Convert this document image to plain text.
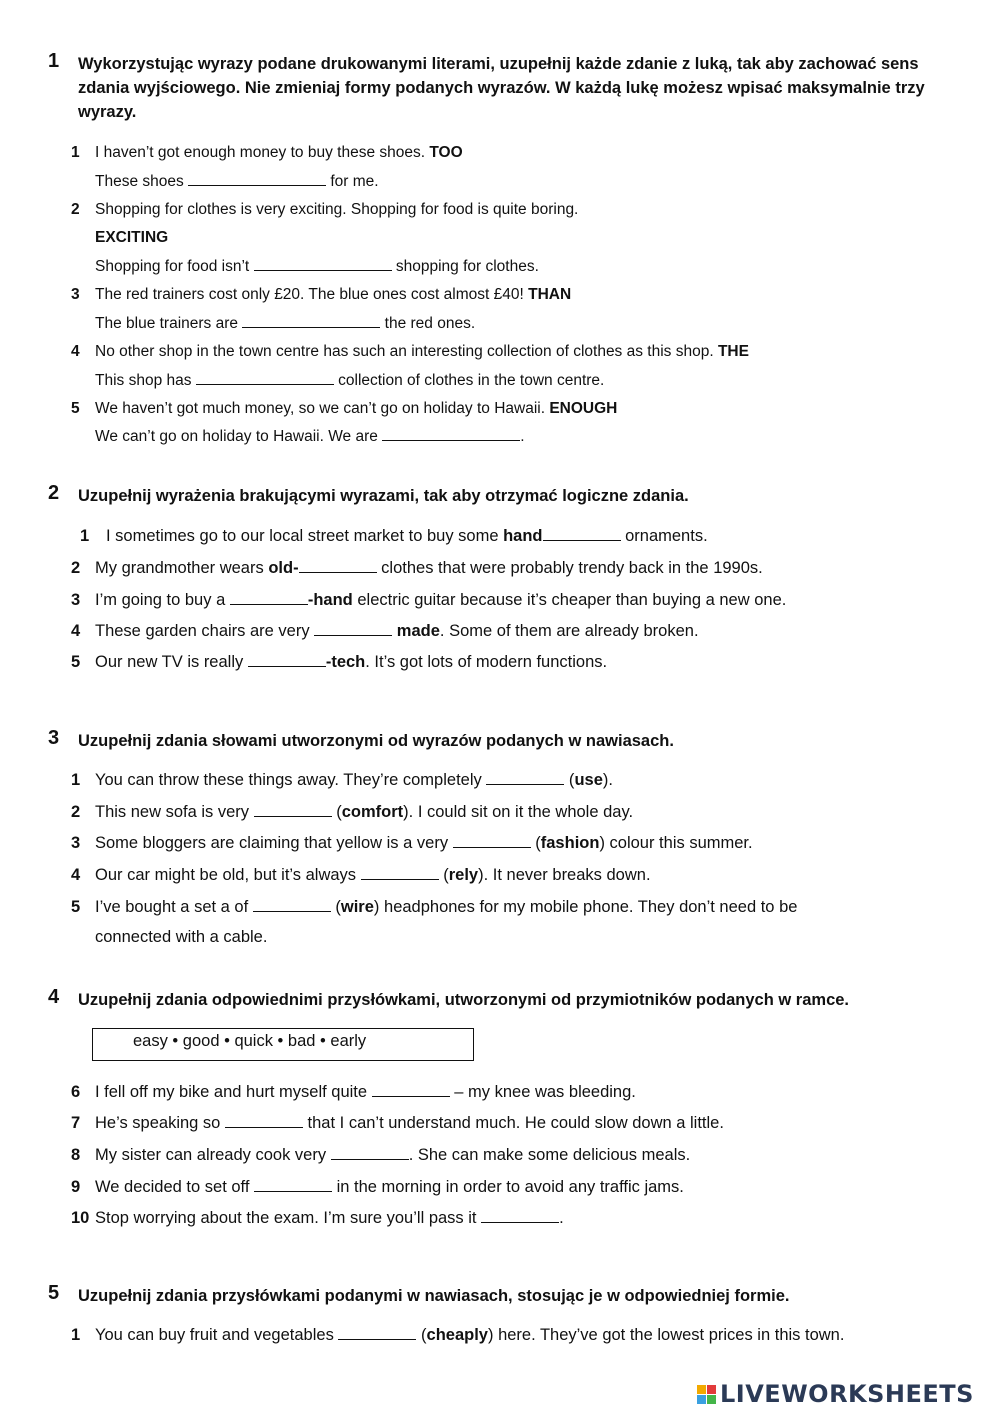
1 Wykorzystując wyrazy podane drukowanymi literami, uzupełnij każde zdanie z luką, tak aby zachować sens zdania wyjściowego. Nie zmieniaj formy podanych wyrazów. W każdą lukę możesz wpisać maksymalnie trzy wyrazy.
1 I haven’t got enough money to buy these shoes. TOO
These shoes	for me.
2 Shopping for clothes is very exciting. Shopping for food is quite boring.
EXCITING
Shopping for food isn’t	shopping for clothes.
3 The red trainers cost only £20. The blue ones cost almost £40! THAN
The blue trainers are	the red ones.
4 No other shop in the town centre has such an interesting collection of clothes as this shop. THE
This shop has	collection of clothes in the town centre.
5 We haven’t got much money, so we can’t go on holiday to Hawaii. ENOUGH
We can’t go on holiday to Hawaii. We are	.
2 Uzupełnij wyrażenia brakującymi wyrazami, tak aby otrzymać logiczne zdania.
1 I sometimes go to our local street market to buy some hand	ornaments.
2 My grandmother wears old-	clothes that were probably trendy back in the 1990s.
3 I’m going to buy a	-hand electric guitar because it’s cheaper than buying a new one.
4 These garden chairs are very	made. Some of them are already broken.
5 Our new TV is really	-tech. It’s got lots of modern functions.
3 Uzupełnij zdania słowami utworzonymi od wyrazów podanych w nawiasach.
1 You can throw these things away. They’re completely	(use).
2 This new sofa is very	(comfort). I could sit on it the whole day.
3 Some bloggers are claiming that yellow is a very	(fashion) colour this summer.
4 Our car might be old, but it’s always	(rely). It never breaks down.
5 I’ve bought a set a of	(wire) headphones for my mobile phone. They don’t need to be
connected with a cable.
4 Uzupełnij zdania odpowiednimi przysłówkami, utworzonymi od przymiotników podanych w ramce.
easy • good • quick • bad • early
6 I fell off my bike and hurt myself quite	– my knee was bleeding.
7 He’s speaking so	that I can’t understand much. He could slow down a little.
8 My sister can already cook very	. She can make some delicious meals.
9 We decided to set off	in the morning in order to avoid any traffic jams.
10 Stop worrying about the exam. I’m sure you’ll pass it	.
5 Uzupełnij zdania przysłówkami podanymi w nawiasach, stosując je w odpowiedniej formie.
1 You can buy fruit and vegetables	(cheaply) here. They’ve got the lowest prices in this town.
LIVEWORKSHEETS
